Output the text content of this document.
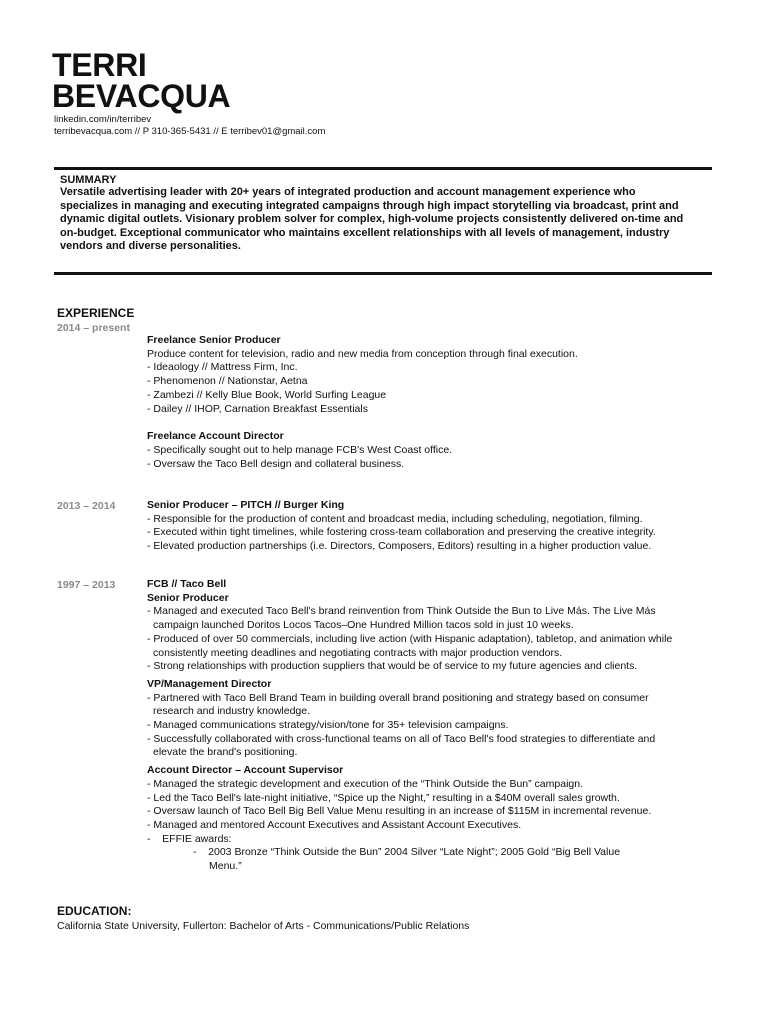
TERRI
BEVACQUA
linkedin.com/in/terribev
terribevacqua.com // P 310-365-5431 // E terribev01@gmail.com
SUMMARY
Versatile advertising leader with 20+ years of integrated production and account management experience who
specializes in managing and executing integrated campaigns through high impact storytelling via broadcast, print and
dynamic digital outlets. Visionary problem solver for complex, high-volume projects consistently delivered on-time and
on-budget. Exceptional communicator who maintains excellent relationships with all levels of management, industry
vendors and diverse personalities.
EXPERIENCE
2014 – present
Freelance Senior Producer
Produce content for television, radio and new media from conception through final execution.
- Ideaology // Mattress Firm, Inc.
- Phenomenon // Nationstar, Aetna
- Zambezi // Kelly Blue Book, World Surfing League
- Dailey // IHOP, Carnation Breakfast Essentials
Freelance Account Director
- Specifically sought out to help manage FCB's West Coast office.
- Oversaw the Taco Bell design and collateral business.
2013 – 2014	Senior Producer – PITCH // Burger King
- Responsible for the production of content and broadcast media, including scheduling, negotiation, filming.
- Executed within tight timelines, while fostering cross-team collaboration and preserving the creative integrity.
- Elevated production partnerships (i.e. Directors, Composers, Editors) resulting in a higher production value.
1997 – 2013	FCB // Taco Bell
Senior Producer
- Managed and executed Taco Bell's brand reinvention from Think Outside the Bun to Live Más. The Live Más
campaign launched Doritos Locos Tacos–One Hundred Million tacos sold in just 10 weeks.
- Produced of over 50 commercials, including live action (with Hispanic adaptation), tabletop, and animation while
consistently meeting deadlines and negotiating contracts with major production vendors.
- Strong relationships with production suppliers that would be of service to my future agencies and clients.
VP/Management Director
- Partnered with Taco Bell Brand Team in building overall brand positioning and strategy based on consumer
research and industry knowledge.
- Managed communications strategy/vision/tone for 35+ television campaigns.
- Successfully collaborated with cross-functional teams on all of Taco Bell's food strategies to differentiate and
elevate the brand's positioning.
Account Director – Account Supervisor
- Managed the strategic development and execution of the “Think Outside the Bun” campaign.
- Led the Taco Bell's late-night initiative, “Spice up the Night,” resulting in a $40M overall sales growth.
- Oversaw launch of Taco Bell Big Bell Value Menu resulting in an increase of $115M in incremental revenue.
- Managed and mentored Account Executives and Assistant Account Executives.
-    EFFIE awards:
-    2003 Bronze “Think Outside the Bun” 2004 Silver “Late Night”; 2005 Gold “Big Bell Value
Menu.”
EDUCATION:
California State University, Fullerton: Bachelor of Arts - Communications/Public Relations
